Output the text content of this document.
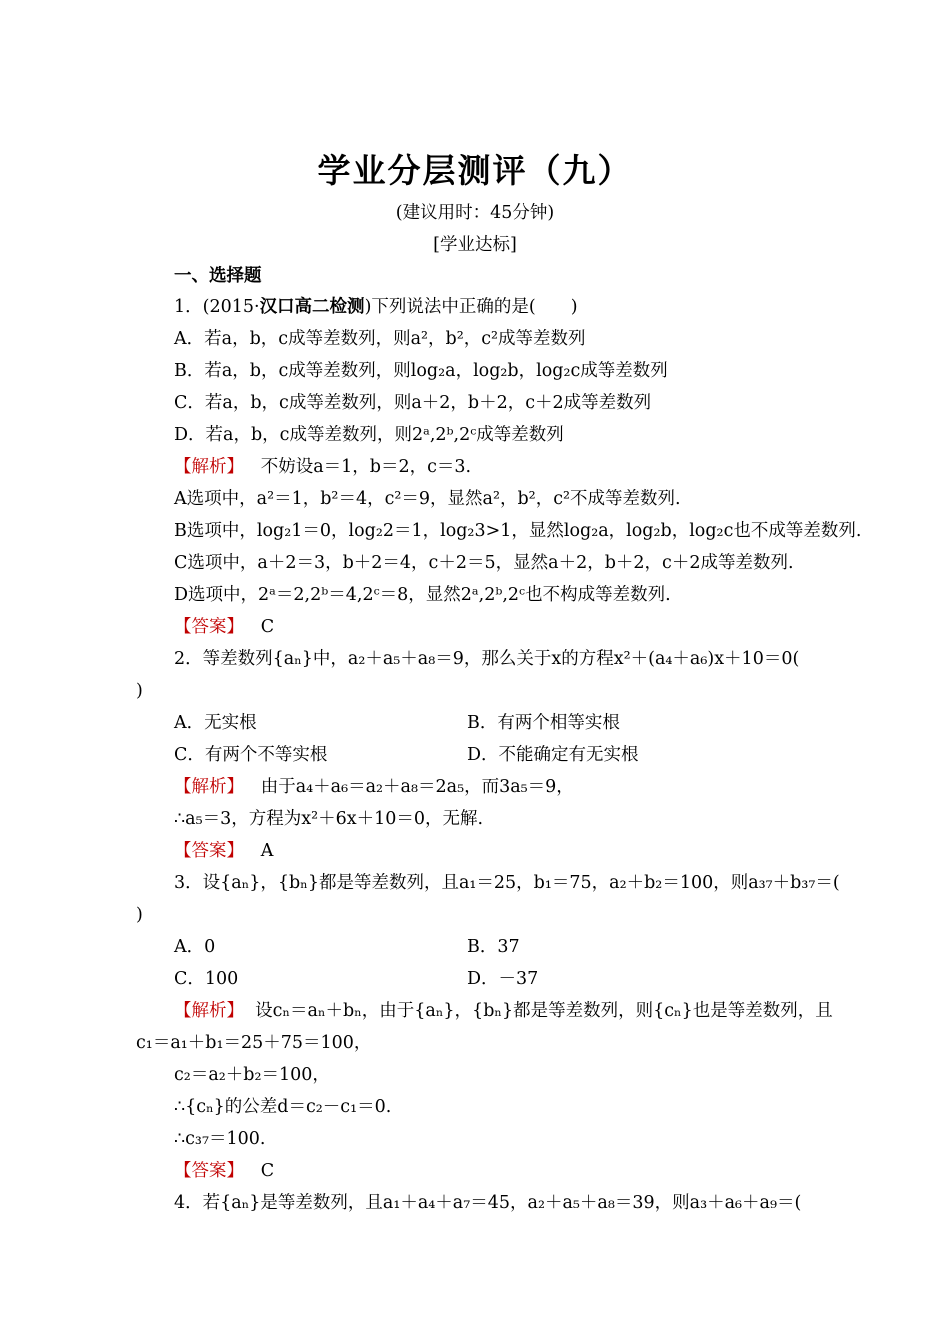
学业分层测评（九）
(建议用时：45分钟)
[学业达标]
一、选择题
1．(2015·汉口高二检测)下列说法中正确的是(　　)
A．若a，b，c成等差数列，则a²，b²，c²成等差数列
B．若a，b，c成等差数列，则log₂a，log₂b，log₂c成等差数列
C．若a，b，c成等差数列，则a＋2，b＋2，c＋2成等差数列
D．若a，b，c成等差数列，则2ᵃ,2ᵇ,2ᶜ成等差数列
【解析】 不妨设a＝1，b＝2，c＝3.
A选项中，a²＝1，b²＝4，c²＝9，显然a²，b²，c²不成等差数列.
B选项中，log₂1＝0，log₂2＝1，log₂3>1，显然log₂a，log₂b，log₂c也不成等差数列.
C选项中，a＋2＝3，b＋2＝4，c＋2＝5，显然a＋2，b＋2，c＋2成等差数列.
D选项中，2ᵃ＝2,2ᵇ＝4,2ᶜ＝8，显然2ᵃ,2ᵇ,2ᶜ也不构成等差数列.
【答案】 C
2．等差数列{aₙ}中，a₂＋a₅＋a₈＝9，那么关于x的方程x²＋(a₄＋a₆)x＋10＝0(
)
A．无实根	B．有两个相等实根
C．有两个不等实根	D．不能确定有无实根
【解析】 由于a₄＋a₆＝a₂＋a₈＝2a₅，而3a₅＝9，
∴a₅＝3，方程为x²＋6x＋10＝0，无解.
【答案】 A
3．设{aₙ}，{bₙ}都是等差数列，且a₁＝25，b₁＝75，a₂＋b₂＝100，则a₃₇＋b₃₇＝(
)
A．0	B．37
C．100	D．－37
【解析】 设cₙ＝aₙ＋bₙ，由于{aₙ}，{bₙ}都是等差数列，则{cₙ}也是等差数列，且
c₁＝a₁＋b₁＝25＋75＝100，
c₂＝a₂＋b₂＝100，
∴{cₙ}的公差d＝c₂－c₁＝0.
∴c₃₇＝100.
【答案】 C
4．若{aₙ}是等差数列，且a₁＋a₄＋a₇＝45，a₂＋a₅＋a₈＝39，则a₃＋a₆＋a₉＝(
